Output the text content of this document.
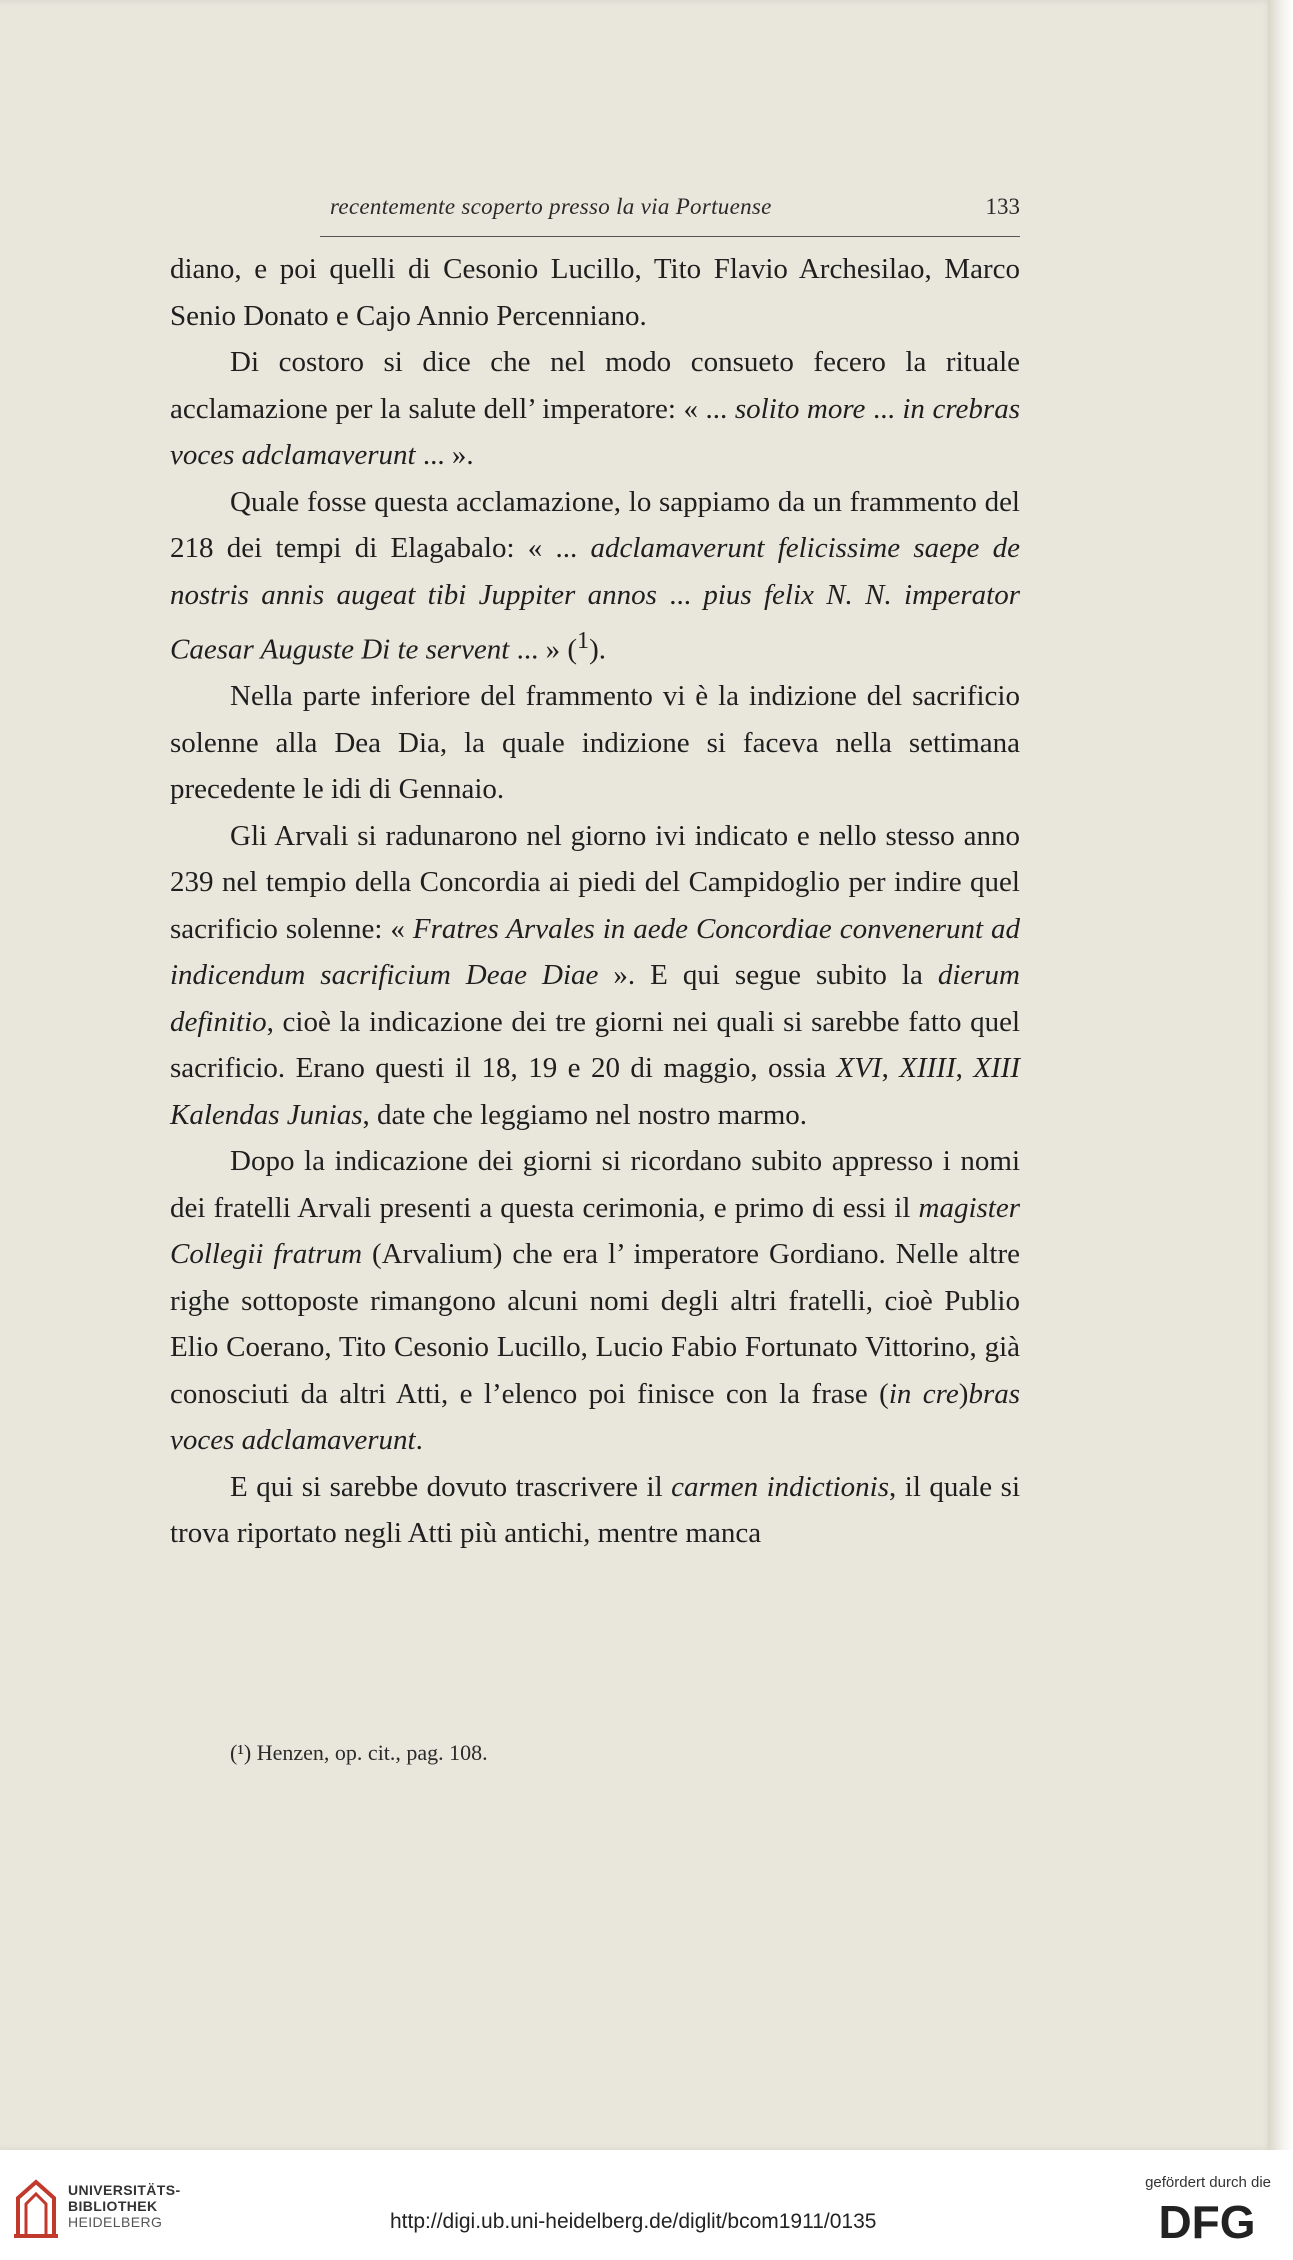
recentemente scoperto presso la via Portuense	133

diano, e poi quelli di Cesonio Lucillo, Tito Flavio Archesilao, Marco Senio Donato e Cajo Annio Percenniano.

Di costoro si dice che nel modo consueto fecero la rituale acclamazione per la salute dell’ imperatore: « ... solito more ... in crebras voces adclamaverunt ... ».

Quale fosse questa acclamazione, lo sappiamo da un frammento del 218 dei tempi di Elagabalo: « ... adclamaverunt felicissime saepe de nostris annis augeat tibi Juppiter annos ... pius felix N. N. imperator Caesar Auguste Di te servent ... » ($^1$).

Nella parte inferiore del frammento vi è la indizione del sacrificio solenne alla Dea Dia, la quale indizione si faceva nella settimana precedente le idi di Gennaio.

Gli Arvali si radunarono nel giorno ivi indicato e nello stesso anno 239 nel tempio della Concordia ai piedi del Campidoglio per indire quel sacrificio solenne: « Fratres Arvales in aede Concordiae convenerunt ad indicendum sacrificium Deae Diae ». E qui segue subito la dierum definitio, cioè la indicazione dei tre giorni nei quali si sarebbe fatto quel sacrificio. Erano questi il 18, 19 e 20 di maggio, ossia XVI, XIIII, XIII Kalendas Junias, date che leggiamo nel nostro marmo.

Dopo la indicazione dei giorni si ricordano subito appresso i nomi dei fratelli Arvali presenti a questa cerimonia, e primo di essi il magister Collegii fratrum (Arvalium) che era l’ imperatore Gordiano. Nelle altre righe sottoposte rimangono alcuni nomi degli altri fratelli, cioè Publio Elio Coerano, Tito Cesonio Lucillo, Lucio Fabio Fortunato Vittorino, già conosciuti da altri Atti, e l’elenco poi finisce con la frase (in cre)bras voces adclamaverunt.

E qui si sarebbe dovuto trascrivere il carmen indictionis, il quale si trova riportato negli Atti più antichi, mentre manca

(¹) Henzen, op. cit., pag. 108.
UNIVERSITÄTS-
BIBLIOTHEK
HEIDELBERG	http://digi.ub.uni-heidelberg.de/diglit/bcom1911/0135
gefördert durch die
DFG
